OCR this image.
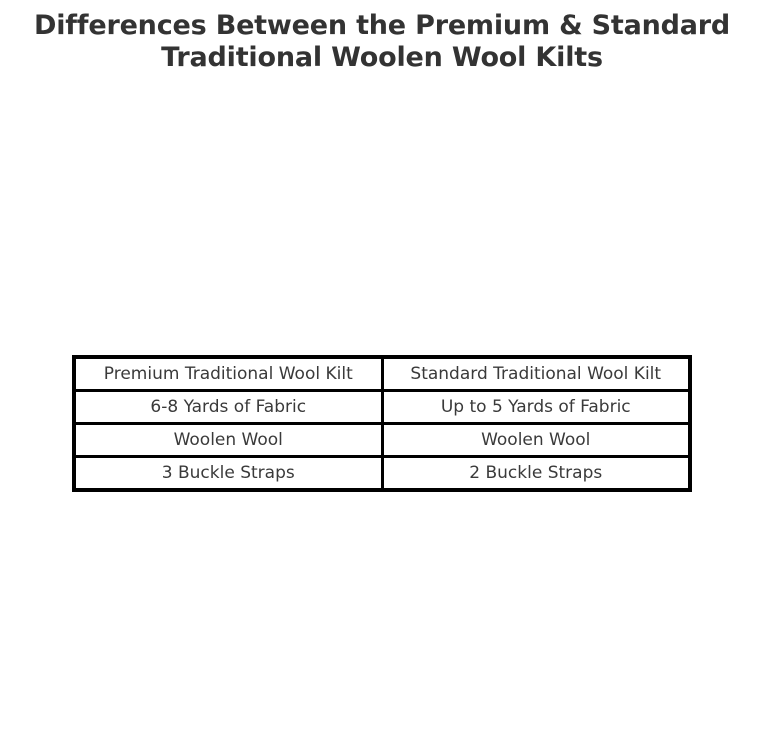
Differences Between the Premium & Standard Traditional Woolen Wool Kilts
Premium Traditional Wool Kilt	Standard Traditional Wool Kilt
6-8 Yards of Fabric	Up to 5 Yards of Fabric
Woolen Wool	Woolen Wool
3 Buckle Straps	2 Buckle Straps
